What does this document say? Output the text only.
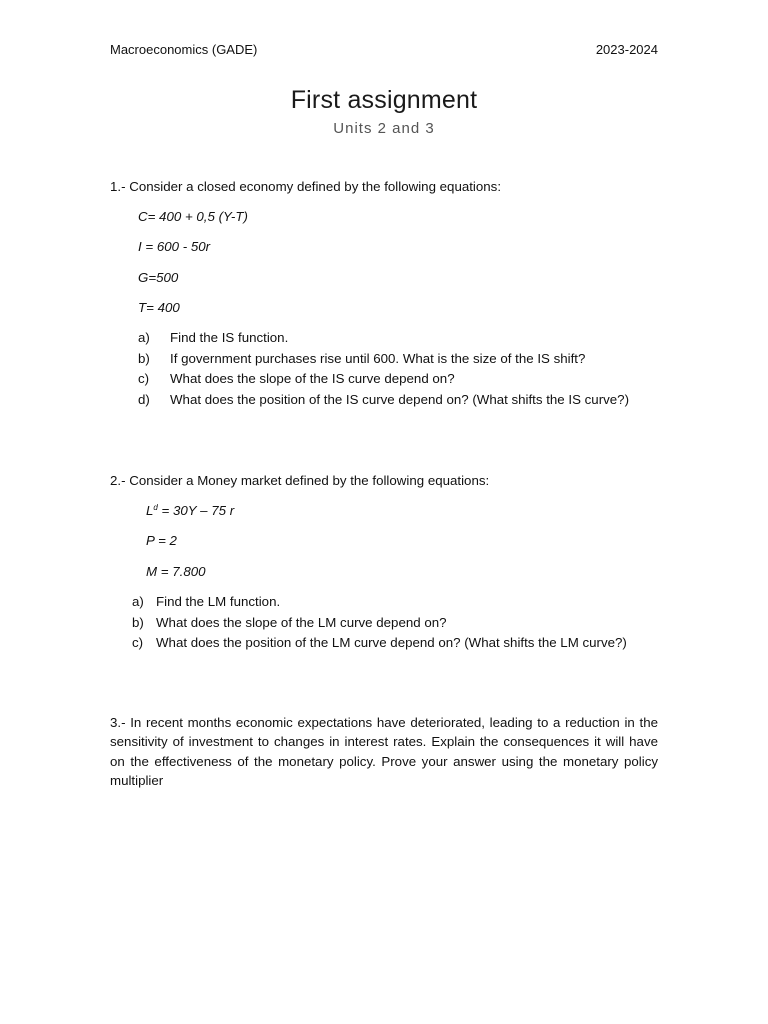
Macroeconomics (GADE)	2023-2024
First assignment
Units 2 and 3
1.- Consider a closed economy defined by the following equations:
C= 400 + 0,5 (Y-T)
I = 600 - 50r
G=500
T= 400
a) Find the IS function.
b) If government purchases rise until 600. What is the size of the IS shift?
c) What does the slope of the IS curve depend on?
d) What does the position of the IS curve depend on? (What shifts the IS curve?)
2.- Consider a Money market defined by the following equations:
$L^d = 30Y - 75$ r
P = 2
M = 7.800
a) Find the LM function.
b) What does the slope of the LM curve depend on?
c) What does the position of the LM curve depend on? (What shifts the LM curve?)
3.- In recent months economic expectations have deteriorated, leading to a reduction in the sensitivity of investment to changes in interest rates. Explain the consequences it will have on the effectiveness of the monetary policy. Prove your answer using the monetary policy multiplier
